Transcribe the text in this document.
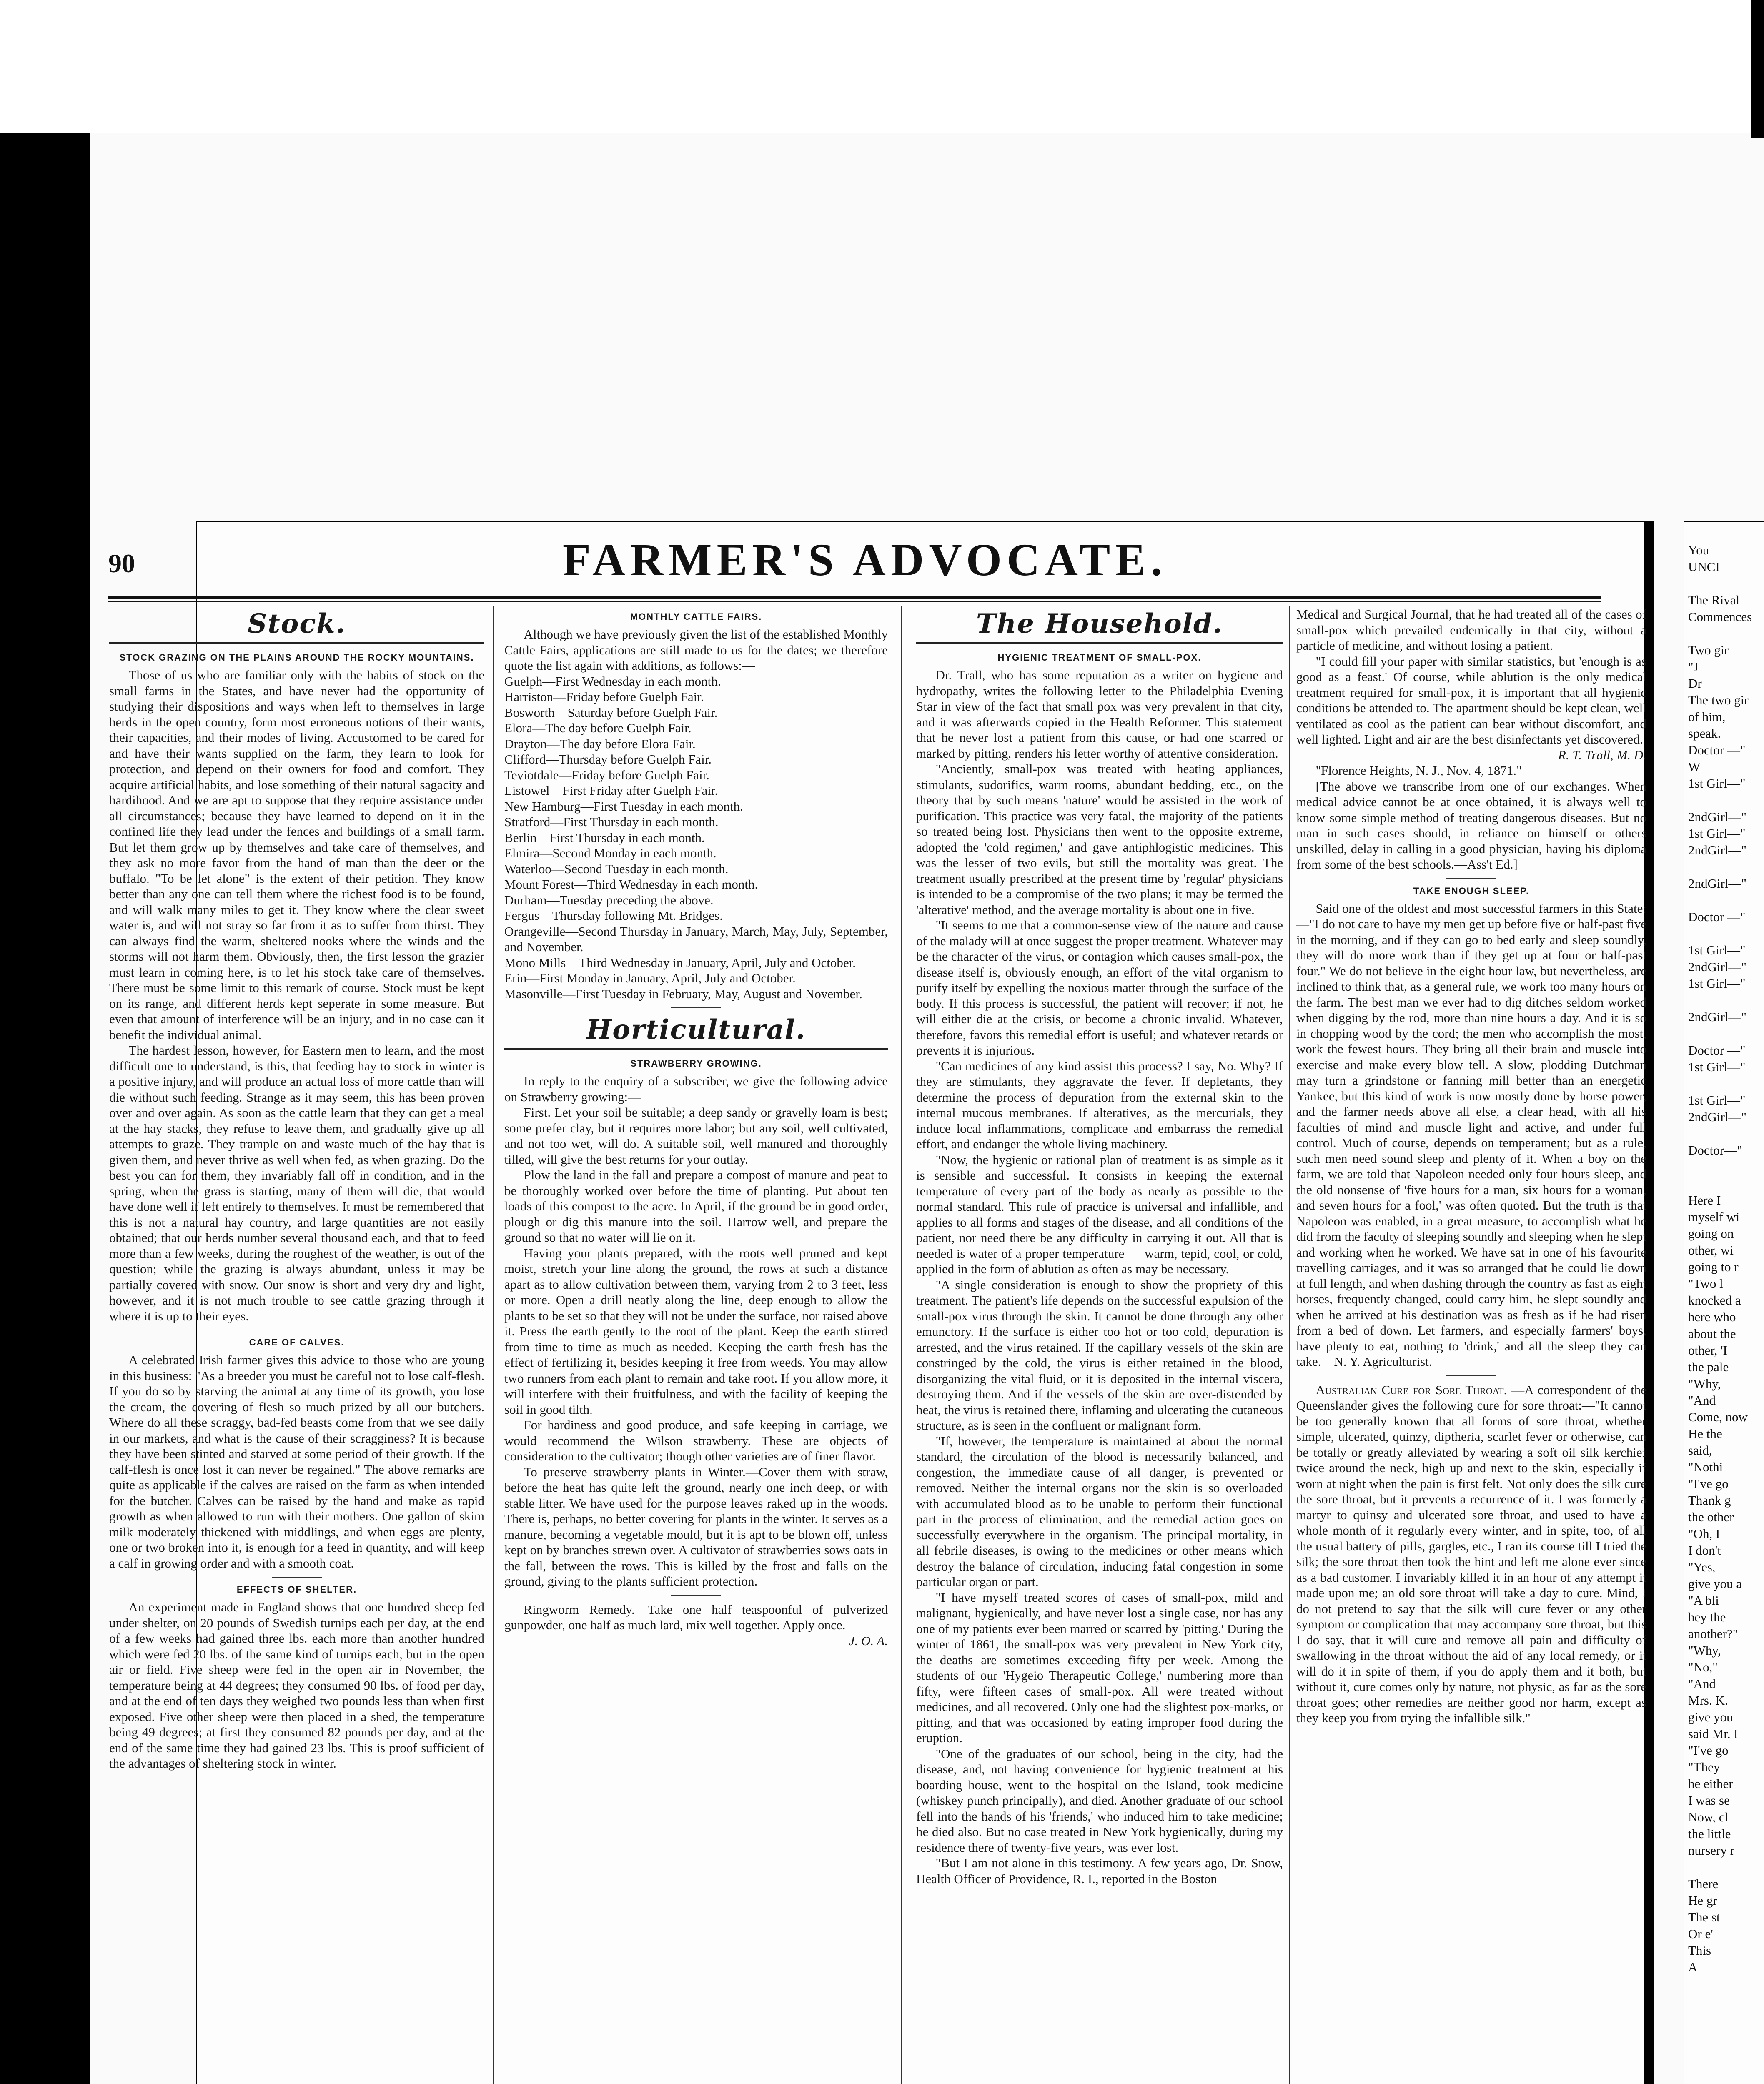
90	FARMER'S ADVOCATE.
Stock.
STOCK GRAZING ON THE PLAINS AROUND THE ROCKY MOUNTAINS.

Those of us who are familiar only with the habits of stock on the small farms in the States, and have never had the opportunity of studying their dispositions and ways when left to themselves in large herds in the open country, form most erroneous notions of their wants, their capacities, and their modes of living. Accustomed to be cared for and have their wants supplied on the farm, they learn to look for protection, and depend on their owners for food and comfort. They acquire artificial habits, and lose something of their natural sagacity and hardihood. And we are apt to suppose that they require assistance under all circumstances; because they have learned to depend on it in the confined life they lead under the fences and buildings of a small farm. But let them grow up by themselves and take care of themselves, and they ask no more favor from the hand of man than the deer or the buffalo. "To be let alone" is the extent of their petition. They know better than any one can tell them where the richest food is to be found, and will walk many miles to get it. They know where the clear sweet water is, and will not stray so far from it as to suffer from thirst. They can always find the warm, sheltered nooks where the winds and the storms will not harm them. Obviously, then, the first lesson the grazier must learn in coming here, is to let his stock take care of themselves. There must be some limit to this remark of course. Stock must be kept on its range, and different herds kept seperate in some measure. But even that amount of interference will be an injury, and in no case can it benefit the individual animal.

The hardest lesson, however, for Eastern men to learn, and the most difficult one to understand, is this, that feeding hay to stock in winter is a positive injury, and will produce an actual loss of more cattle than will die without such feeding. Strange as it may seem, this has been proven over and over again. As soon as the cattle learn that they can get a meal at the hay stacks, they refuse to leave them, and gradually give up all attempts to graze. They trample on and waste much of the hay that is given them, and never thrive as well when fed, as when grazing. Do the best you can for them, they invariably fall off in condition, and in the spring, when the grass is starting, many of them will die, that would have done well if left entirely to themselves. It must be remembered that this is not a natural hay country, and large quantities are not easily obtained; that our herds number several thousand each, and that to feed more than a few weeks, during the roughest of the weather, is out of the question; while the grazing is always abundant, unless it may be partially covered with snow. Our snow is short and very dry and light, however, and it is not much trouble to see cattle grazing through it where it is up to their eyes.

CARE OF CALVES.

A celebrated Irish farmer gives this advice to those who are young in this business: "As a breeder you must be careful not to lose calf-flesh. If you do so by starving the animal at any time of its growth, you lose the cream, the covering of flesh so much prized by all our butchers. Where do all these scraggy, bad-fed beasts come from that we see daily in our markets, and what is the cause of their scragginess? It is because they have been stinted and starved at some period of their growth. If the calf-flesh is once lost it can never be regained." The above remarks are quite as applicable if the calves are raised on the farm as when intended for the butcher. Calves can be raised by the hand and make as rapid growth as when allowed to run with their mothers. One gallon of skim milk moderately thickened with middlings, and when eggs are plenty, one or two broken into it, is enough for a feed in quantity, and will keep a calf in growing order and with a smooth coat.

EFFECTS OF SHELTER.

An experiment made in England shows that one hundred sheep fed under shelter, on 20 pounds of Swedish turnips each per day, at the end of a few weeks had gained three lbs. each more than another hundred which were fed 20 lbs. of the same kind of turnips each, but in the open air or field. Five sheep were fed in the open air in November, the temperature being at 44 degrees; they consumed 90 lbs. of food per day, and at the end of ten days they weighed two pounds less than when first exposed. Five other sheep were then placed in a shed, the temperature being 49 degrees; at first they consumed 82 pounds per day, and at the end of the same time they had gained 23 lbs. This is proof sufficient of the advantages of sheltering stock in winter.

MONTHLY CATTLE FAIRS.

Although we have previously given the list of the established Monthly Cattle Fairs, applications are still made to us for the dates; we therefore quote the list again with additions, as follows:—

Guelph—First Wednesday in each month.

Harriston—Friday before Guelph Fair.

Bosworth—Saturday before Guelph Fair.

Elora—The day before Guelph Fair.

Drayton—The day before Elora Fair.

Clifford—Thursday before Guelph Fair.

Teviotdale—Friday before Guelph Fair.

Listowel—First Friday after Guelph Fair.

New Hamburg—First Tuesday in each month.

Stratford—First Thursday in each month.

Berlin—First Thursday in each month.

Elmira—Second Monday in each month.

Waterloo—Second Tuesday in each month.

Mount Forest—Third Wednesday in each month.

Durham—Tuesday preceding the above.

Fergus—Thursday following Mt. Bridges.

Orangeville—Second Thursday in January, March, May, July, September, and November.

Mono Mills—Third Wednesday in January, April, July and October.

Erin—First Monday in January, April, July and October.

Masonville—First Tuesday in February, May, August and November.

Horticultural.
STRAWBERRY GROWING.

In reply to the enquiry of a subscriber, we give the following advice on Strawberry growing:—

First. Let your soil be suitable; a deep sandy or gravelly loam is best; some prefer clay, but it requires more labor; but any soil, well cultivated, and not too wet, will do. A suitable soil, well manured and thoroughly tilled, will give the best returns for your outlay.

Plow the land in the fall and prepare a compost of manure and peat to be thoroughly worked over before the time of planting. Put about ten loads of this compost to the acre. In April, if the ground be in good order, plough or dig this manure into the soil. Harrow well, and prepare the ground so that no water will lie on it.

Having your plants prepared, with the roots well pruned and kept moist, stretch your line along the ground, the rows at such a distance apart as to allow cultivation between them, varying from 2 to 3 feet, less or more. Open a drill neatly along the line, deep enough to allow the plants to be set so that they will not be under the surface, nor raised above it. Press the earth gently to the root of the plant. Keep the earth stirred from time to time as much as needed. Keeping the earth fresh has the effect of fertilizing it, besides keeping it free from weeds. You may allow two runners from each plant to remain and take root. If you allow more, it will interfere with their fruitfulness, and with the facility of keeping the soil in good tilth.

For hardiness and good produce, and safe keeping in carriage, we would recommend the Wilson strawberry. These are objects of consideration to the cultivator; though other varieties are of finer flavor.

To preserve strawberry plants in Winter.—Cover them with straw, before the heat has quite left the ground, nearly one inch deep, or with stable litter. We have used for the purpose leaves raked up in the woods. There is, perhaps, no better covering for plants in the winter. It serves as a manure, becoming a vegetable mould, but it is apt to be blown off, unless kept on by branches strewn over. A cultivator of strawberries sows oats in the fall, between the rows. This is killed by the frost and falls on the ground, giving to the plants sufficient protection.

Ringworm Remedy.—Take one half teaspoonful of pulverized gunpowder, one half as much lard, mix well together. Apply once.

J. O. A.

The Household.
HYGIENIC TREATMENT OF SMALL-POX.

Dr. Trall, who has some reputation as a writer on hygiene and hydropathy, writes the following letter to the Philadelphia Evening Star in view of the fact that small pox was very prevalent in that city, and it was afterwards copied in the Health Reformer. This statement that he never lost a patient from this cause, or had one scarred or marked by pitting, renders his letter worthy of attentive consideration.

"Anciently, small-pox was treated with heating appliances, stimulants, sudorifics, warm rooms, abundant bedding, etc., on the theory that by such means 'nature' would be assisted in the work of purification. This practice was very fatal, the majority of the patients so treated being lost. Physicians then went to the opposite extreme, adopted the 'cold regimen,' and gave antiphlogistic medicines. This was the lesser of two evils, but still the mortality was great. The treatment usually prescribed at the present time by 'regular' physicians is intended to be a compromise of the two plans; it may be termed the 'alterative' method, and the average mortality is about one in five.

"It seems to me that a common-sense view of the nature and cause of the malady will at once suggest the proper treatment. Whatever may be the character of the virus, or contagion which causes small-pox, the disease itself is, obviously enough, an effort of the vital organism to purify itself by expelling the noxious matter through the surface of the body. If this process is successful, the patient will recover; if not, he will either die at the crisis, or become a chronic invalid. Whatever, therefore, favors this remedial effort is useful; and whatever retards or prevents it is injurious.

"Can medicines of any kind assist this process? I say, No. Why? If they are stimulants, they aggravate the fever. If depletants, they determine the process of depuration from the external skin to the internal mucous membranes. If alteratives, as the mercurials, they induce local inflammations, complicate and embarrass the remedial effort, and endanger the whole living machinery.

"Now, the hygienic or rational plan of treatment is as simple as it is sensible and successful. It consists in keeping the external temperature of every part of the body as nearly as possible to the normal standard. This rule of practice is universal and infallible, and applies to all forms and stages of the disease, and all conditions of the patient, nor need there be any difficulty in carrying it out. All that is needed is water of a proper temperature — warm, tepid, cool, or cold, applied in the form of ablution as often as may be necessary.

"A single consideration is enough to show the propriety of this treatment. The patient's life depends on the successful expulsion of the small-pox virus through the skin. It cannot be done through any other emunctory. If the surface is either too hot or too cold, depuration is arrested, and the virus retained. If the capillary vessels of the skin are constringed by the cold, the virus is either retained in the blood, disorganizing the vital fluid, or it is deposited in the internal viscera, destroying them. And if the vessels of the skin are over-distended by heat, the virus is retained there, inflaming and ulcerating the cutaneous structure, as is seen in the confluent or malignant form.

"If, however, the temperature is maintained at about the normal standard, the circulation of the blood is necessarily balanced, and congestion, the immediate cause of all danger, is prevented or removed. Neither the internal organs nor the skin is so overloaded with accumulated blood as to be unable to perform their functional part in the process of elimination, and the remedial action goes on successfully everywhere in the organism. The principal mortality, in all febrile diseases, is owing to the medicines or other means which destroy the balance of circulation, inducing fatal congestion in some particular organ or part.

"I have myself treated scores of cases of small-pox, mild and malignant, hygienically, and have never lost a single case, nor has any one of my patients ever been marred or scarred by 'pitting.' During the winter of 1861, the small-pox was very prevalent in New York city, the deaths are sometimes exceeding fifty per week. Among the students of our 'Hygeio Therapeutic College,' numbering more than fifty, were fifteen cases of small-pox. All were treated without medicines, and all recovered. Only one had the slightest pox-marks, or pitting, and that was occasioned by eating improper food during the eruption.

"One of the graduates of our school, being in the city, had the disease, and, not having convenience for hygienic treatment at his boarding house, went to the hospital on the Island, took medicine (whiskey punch principally), and died. Another graduate of our school fell into the hands of his 'friends,' who induced him to take medicine; he died also. But no case treated in New York hygienically, during my residence there of twenty-five years, was ever lost.

"But I am not alone in this testimony. A few years ago, Dr. Snow, Health Officer of Providence, R. I., reported in the Boston

Medical and Surgical Journal, that he had treated all of the cases of small-pox which prevailed endemically in that city, without a particle of medicine, and without losing a patient.

"I could fill your paper with similar statistics, but 'enough is as good as a feast.' Of course, while ablution is the only medical treatment required for small-pox, it is important that all hygienic conditions be attended to. The apartment should be kept clean, well ventilated as cool as the patient can bear without discomfort, and well lighted. Light and air are the best disinfectants yet discovered.

R. T. Trall, M. D.

"Florence Heights, N. J., Nov. 4, 1871."

[The above we transcribe from one of our exchanges. When medical advice cannot be at once obtained, it is always well to know some simple method of treating dangerous diseases. But no man in such cases should, in reliance on himself or others unskilled, delay in calling in a good physician, having his diploma from some of the best schools.—Ass't Ed.]

TAKE ENOUGH SLEEP.

Said one of the oldest and most successful farmers in this State:—"I do not care to have my men get up before five or half-past five in the morning, and if they can go to bed early and sleep soundly, they will do more work than if they get up at four or half-past four." We do not believe in the eight hour law, but nevertheless, are inclined to think that, as a general rule, we work too many hours on the farm. The best man we ever had to dig ditches seldom worked when digging by the rod, more than nine hours a day. And it is so in chopping wood by the cord; the men who accomplish the most, work the fewest hours. They bring all their brain and muscle into exercise and make every blow tell. A slow, plodding Dutchman may turn a grindstone or fanning mill better than an energetic Yankee, but this kind of work is now mostly done by horse power, and the farmer needs above all else, a clear head, with all his faculties of mind and muscle light and active, and under full control. Much of course, depends on temperament; but as a rule, such men need sound sleep and plenty of it. When a boy on the farm, we are told that Napoleon needed only four hours sleep, and the old nonsense of 'five hours for a man, six hours for a woman, and seven hours for a fool,' was often quoted. But the truth is that Napoleon was enabled, in a great measure, to accomplish what he did from the faculty of sleeping soundly and sleeping when he slept and working when he worked. We have sat in one of his favourite travelling carriages, and it was so arranged that he could lie down at full length, and when dashing through the country as fast as eight horses, frequently changed, could carry him, he slept soundly and when he arrived at his destination was as fresh as if he had risen from a bed of down. Let farmers, and especially farmers' boys, have plenty to eat, nothing to 'drink,' and all the sleep they can take.—N. Y. Agriculturist.

Australian Cure for Sore Throat. —A correspondent of the Queenslander gives the following cure for sore throat:—"It cannot be too generally known that all forms of sore throat, whether simple, ulcerated, quinzy, diptheria, scarlet fever or otherwise, can be totally or greatly alleviated by wearing a soft oil silk kerchief twice around the neck, high up and next to the skin, especially if worn at night when the pain is first felt. Not only does the silk cure the sore throat, but it prevents a recurrence of it. I was formerly a martyr to quinsy and ulcerated sore throat, and used to have a whole month of it regularly every winter, and in spite, too, of all the usual battery of pills, gargles, etc., I ran its course till I tried the silk; the sore throat then took the hint and left me alone ever since as a bad customer. I invariably killed it in an hour of any attempt it made upon me; an old sore throat will take a day to cure. Mind, I do not pretend to say that the silk will cure fever or any other symptom or complication that may accompany sore throat, but this I do say, that it will cure and remove all pain and difficulty of swallowing in the throat without the aid of any local remedy, or it will do it in spite of them, if you do apply them and it both, but without it, cure comes only by nature, not physic, as far as the sore throat goes; other remedies are neither good nor harm, except as they keep you from trying the infallible silk."

You

UNCI

The Rival

Commences

Two gir

"J

Dr

The two gir

of him,

speak.

Doctor —"

W

1st Girl—"

2ndGirl—"

1st Girl—"

2ndGirl—"

2ndGirl—"

Doctor —"

1st Girl—"

2ndGirl—"

1st Girl—"

2ndGirl—"

Doctor —"

1st Girl—"

1st Girl—"

2ndGirl—"

Doctor—"

Here I

myself wi

going on

other, wi

going to r

"Two l

knocked a

here who

about the

other, 'I

the pale

"Why,

"And

Come, now

He the

said,

"Nothi

"I've go

Thank g

the other

"Oh, I

I don't

"Yes,

give you a

"A bli

hey the

another?"

"Why,

"No,"

"And

Mrs. K.

give you

said Mr. I

"I've go

"They

he either

I was se

Now, cl

the little

nursery r

There

He gr

The st

Or e'

This

A
